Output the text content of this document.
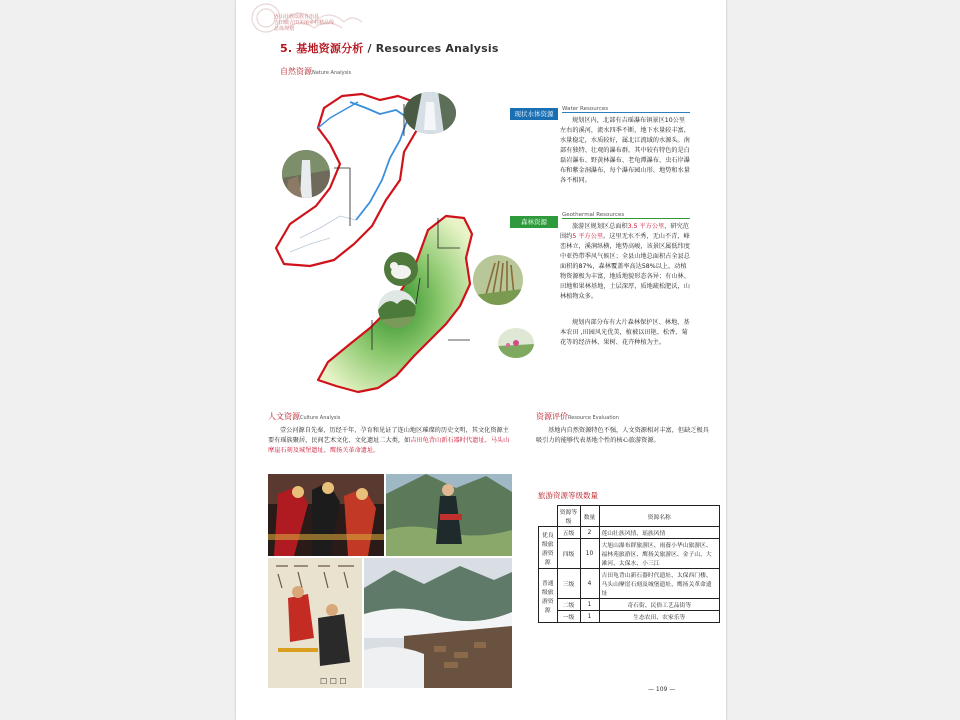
连山壮族瑶族自治县
吉田镇吉田美丽乡村精品线
总体规划
5. 基地资源分析 / Resources Analysis
自然资源Nature Analysis
现状水体资源
Water Resources
规划区内，北部有吉瑶瀑布镇景区10公里左右的溪河，流水四季不断，地下水量较丰富，水量稳定，水质较好，属北江流域的水源头。南部有独特、壮观的瀑布群，其中较有特色的是白磊岩瀑布、野黄林瀑布、老龟潭瀑布、虫石岸瀑布和紫金洞瀑布，每个瀑布园山形、地势和水量各不相同。
森林资源
Geothermal Resources
旅游区规划区总面积3.5 平方公里，研究范围约5 平方公里。这里无水不秀，无山不青，峰峦林立，溪涧纵横，地势高峻，该景区属低纬度中亚热带季风气候区；全县山地总面积占全县总面积的87%，森林覆盖率高达58%以上，动植物资源极为丰富，地质地貌形态各异；有山林、田地和果林基地，土层深厚，质地疏松肥沃，山林植物众多。
规划内部分布有大片森林保护区、林地、基本农田 ,田园风光优美，植被以田艳、松香、菊花等的经济林、果树、花卉种植为主。
人文资源Culture Analysis
壹公河源自先秦，历经千年，孕育和见证了连山地区璀璨的历史文明，其文化资源主要有瑶族聚居、民间艺术文化、文化遗址二大类，如吉田龟背山新石器时代遗址、马头山摩崖石刻及城堡遗址、鹰扬关革命遗址。
资源评价Resource Evaluation
基地内自然资源特色不强，人文资源相对丰富，但缺乏极具吸引力的能够代表基地个性的核心旅游资源。
☐ ☐ ☐
旅游资源等级数量
	资源等级	数量	资源名称
优良级旅游资源	五级	2	莲山壮族风情、瑶族风情
	四级	10	大旭山瀑布群旅游区、雨養小华山旅游区、福林苑旅游区、鹰扬关旅游区、金子山、大滩河、太保水、小三江
普通级旅游资源	三级	4	吉田龟背山新石器时代遗址、太保西门楼、马头山摩崖石刻及城堡遗址、鹰扬关革命遗址
	二级	1	奇石街、民俗工艺品街等
	一级	1	生态农田、农家乐等
— 109 —
